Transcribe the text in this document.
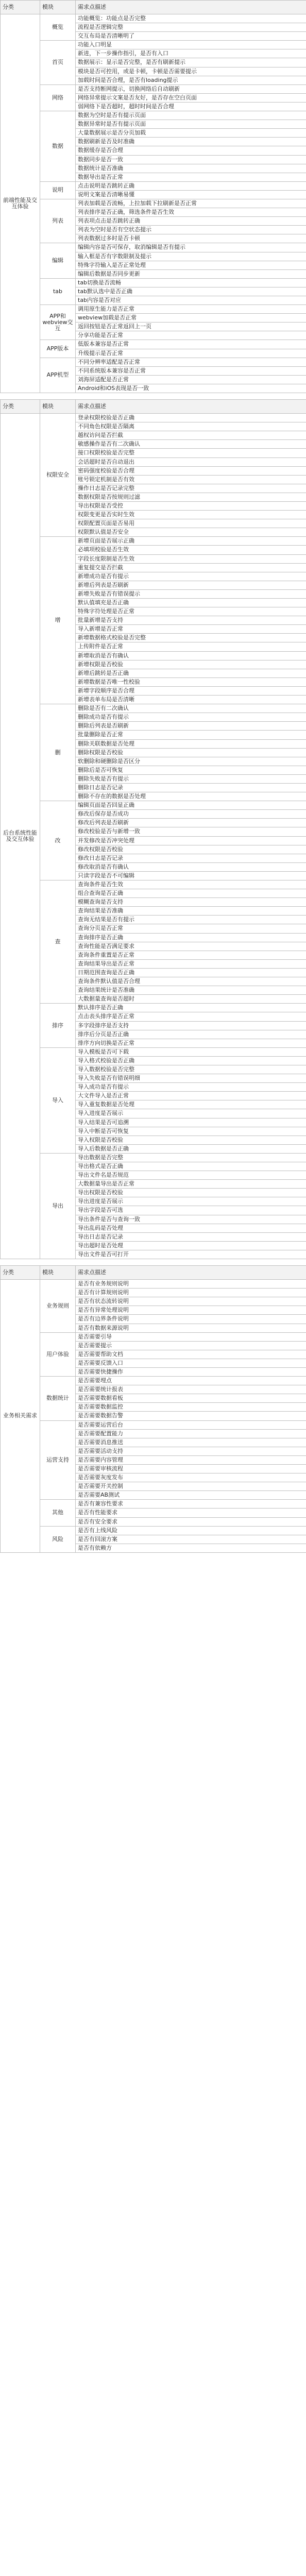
分类	模块	需求点描述
前端性能及交互体验	概览	功能概览：功能点是否完整
		流程是否逻辑完整
		交互布局是否清晰明了
	首页	功能入口明显
		新进，下一步操作指引，是否有入口
		数据展示：显示是否完整，是否有刷新提示
		模块是否可控用，或是卡顿，卡顿是否需要提示
		加载时间是否合理，是否有loading提示
	网络	是否支持断网提示，切换网络后自动刷新
		网络异常提示文案是否友好，是否存在空白页面
		弱网络下是否超时，超时时间是否合理
	数据	数据为空时是否有提示页面
		数据异常时是否有提示页面
		大量数据展示是否分页加载
		数据刷新是否及时准确
		数据缓存是否合理
		数据同步是否一致
		数据统计是否准确
		数据导出是否正常
	说明	点击说明是否跳转正确
		说明文案是否清晰易懂
	列表	列表加载是否流畅，上拉加载下拉刷新是否正常
		列表排序是否正确，筛选条件是否生效
		列表项点击是否跳转正确
		列表为空时是否有空状态提示
		列表数据过多时是否卡顿
	编辑	编辑内容是否可保存，取消编辑是否有提示
		输入框是否有字数限制及提示
		特殊字符输入是否正常处理
		编辑后数据是否同步更新
	tab	tab切换是否流畅
		tab默认选中是否正确
		tab内容是否对应
	APP和webview交互	调用原生能力是否正常
		webview加载是否正常
		返回按钮是否正常返回上一页
		分享功能是否正常
	APP版本	低版本兼容是否正常
		升级提示是否正常
	APP机型	不同分辨率适配是否正常
		不同系统版本兼容是否正常
		刘海屏适配是否正常
		Android和iOS表现是否一致
分类	模块	需求点描述
后台系统性能及交互体验	权限安全	登录权限校验是否正确
		不同角色权限是否隔离
		越权访问是否拦截
		敏感操作是否有二次确认
		接口权限校验是否完整
		会话超时是否自动退出
		密码强度校验是否合理
		账号锁定机制是否有效
		操作日志是否记录完整
		数据权限是否按规则过滤
		导出权限是否受控
		权限变更是否实时生效
		权限配置页面是否易用
		权限默认值是否安全
	增	新增页面是否展示正确
		必填项校验是否生效
		字段长度限制是否生效
		重复提交是否拦截
		新增成功是否有提示
		新增后列表是否刷新
		新增失败是否有错误提示
		默认值填充是否正确
		特殊字符处理是否正常
		批量新增是否支持
		导入新增是否正常
		新增数据格式校验是否完整
		上传附件是否正常
		新增取消是否有确认
		新增权限是否校验
		新增后跳转是否正确
		新增数据是否唯一性校验
		新增字段顺序是否合理
		新增表单布局是否清晰
	删	删除是否有二次确认
		删除成功是否有提示
		删除后列表是否刷新
		批量删除是否正常
		删除关联数据是否处理
		删除权限是否校验
		软删除和硬删除是否区分
		删除后是否可恢复
		删除失败是否有提示
		删除日志是否记录
		删除不存在的数据是否处理
	改	编辑页面是否回显正确
		修改后保存是否成功
		修改后列表是否刷新
		修改校验是否与新增一致
		并发修改是否冲突处理
		修改权限是否校验
		修改日志是否记录
		修改取消是否有确认
		只读字段是否不可编辑
	查	查询条件是否生效
		组合查询是否正确
		模糊查询是否支持
		查询结果是否准确
		查询无结果是否有提示
		查询分页是否正常
		查询排序是否正确
		查询性能是否满足要求
		查询条件重置是否正常
		查询结果导出是否正常
		日期范围查询是否正确
		查询条件默认值是否合理
		查询结果统计是否准确
		大数据量查询是否超时
	排序	默认排序是否正确
		点击表头排序是否正常
		多字段排序是否支持
		排序后分页是否正确
		排序方向切换是否正常
	导入	导入模板是否可下载
		导入格式校验是否正确
		导入数据校验是否完整
		导入失败是否有错误明细
		导入成功是否有提示
		大文件导入是否正常
		导入重复数据是否处理
		导入进度是否展示
		导入结果是否可追溯
		导入中断是否可恢复
		导入权限是否校验
		导入后数据是否正确
	导出	导出数据是否完整
		导出格式是否正确
		导出文件名是否规范
		大数据量导出是否正常
		导出权限是否校验
		导出进度是否展示
		导出字段是否可选
		导出条件是否与查询一致
		导出乱码是否处理
		导出日志是否记录
		导出超时是否处理
		导出文件是否可打开
分类	模块	需求点描述
业务相关需求	业务规则	是否有业务规则说明
		是否有计算规则说明
		是否有状态流转说明
		是否有异常处理说明
		是否有边界条件说明
		是否有数据来源说明
	用户体验	是否需要引导
		是否需要提示
		是否需要帮助文档
		是否需要反馈入口
		是否需要快捷操作
	数据统计	是否需要埋点
		是否需要统计报表
		是否需要数据看板
		是否需要数据监控
		是否需要数据告警
	运营支持	是否需要运营后台
		是否需要配置能力
		是否需要消息推送
		是否需要活动支持
		是否需要内容管理
		是否需要审核流程
		是否需要灰度发布
		是否需要开关控制
		是否需要AB测试
	其他	是否有兼容性要求
		是否有性能要求
		是否有安全要求
	风险	是否有上线风险
		是否有回滚方案
		是否有依赖方
